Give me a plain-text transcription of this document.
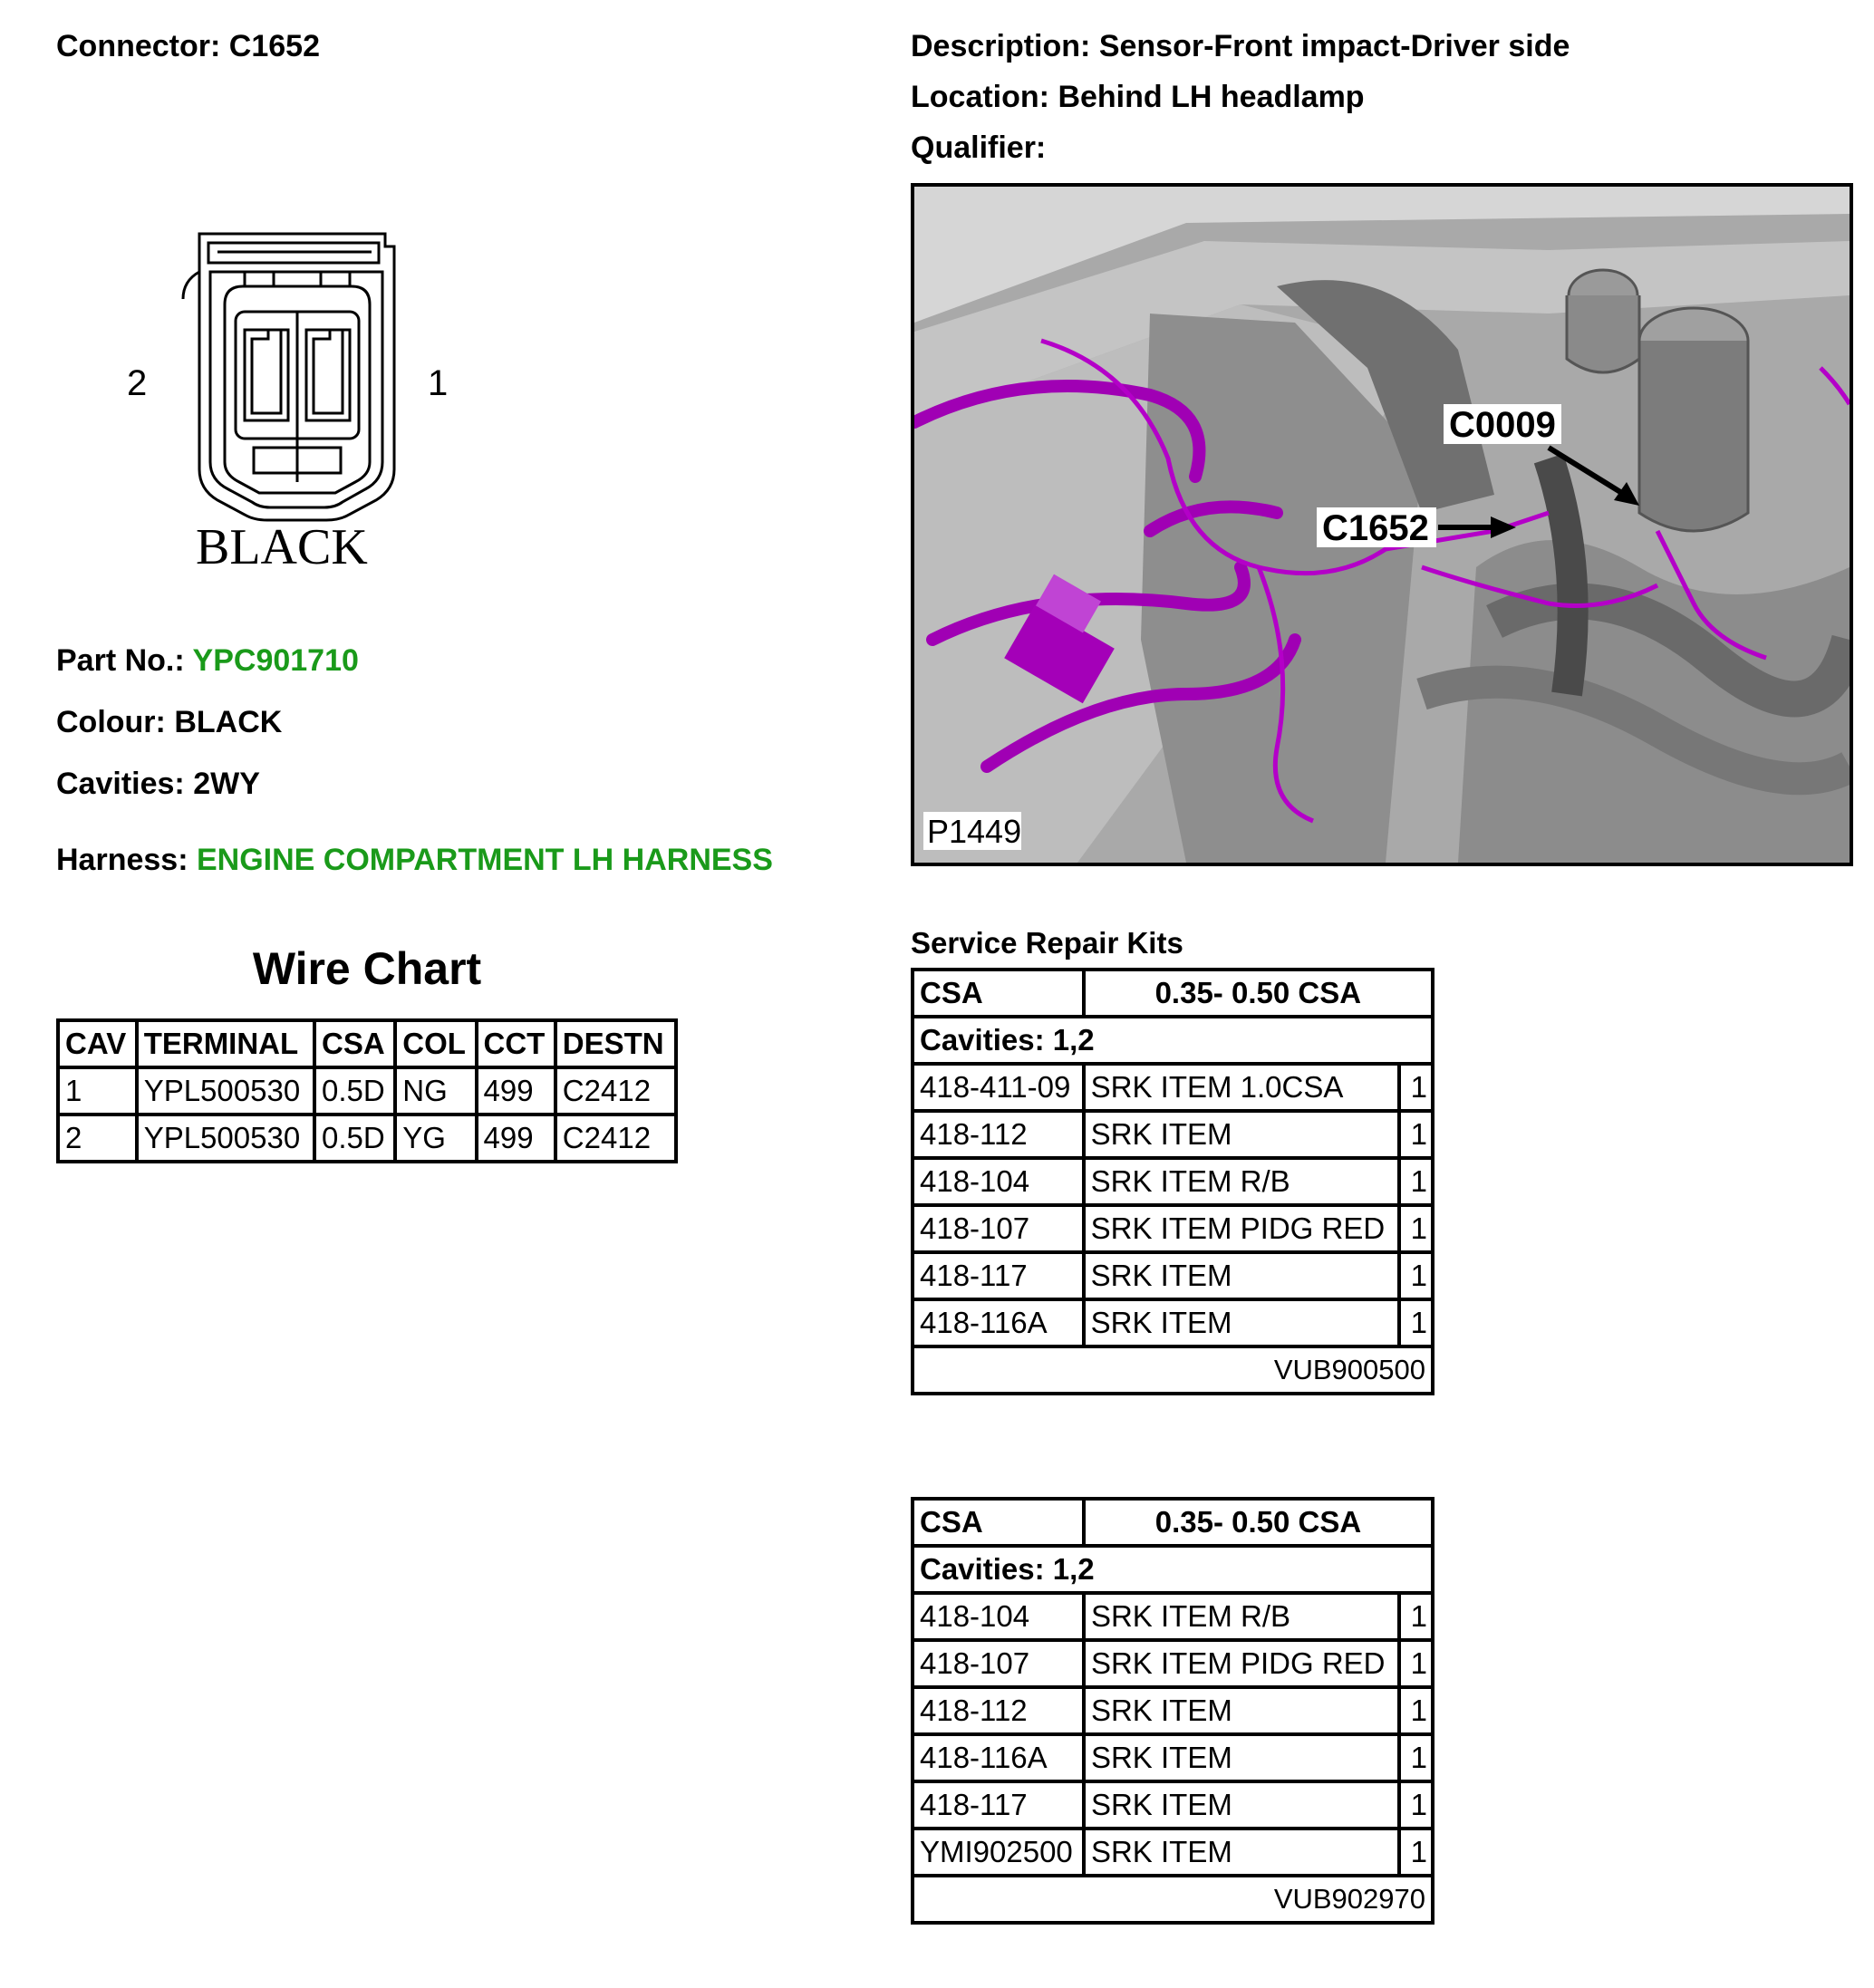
Connector: C1652	Description: Sensor-Front impact-Driver side
Location: Behind LH headlamp
Qualifier:
2	1
BLACK
Part No.: YPC901710
Colour: BLACK
Cavities: 2WY
Harness: ENGINE COMPARTMENT LH HARNESS
Wire Chart
CAV	TERMINAL	CSA	COL	CCT	DESTN
1	YPL500530	0.5D	NG	499	C2412
2	YPL500530	0.5D	YG	499	C2412
C0009
C1652
P1449
Service Repair Kits
CSA	0.35- 0.50 CSA	
Cavities: 1,2		
418-411-09	SRK ITEM 1.0CSA	1
418-112	SRK ITEM	1
418-104	SRK ITEM R/B	1
418-107	SRK ITEM PIDG RED	1
418-117	SRK ITEM	1
418-116A	SRK ITEM	1
VUB900500		
CSA	0.35- 0.50 CSA	
Cavities: 1,2		
418-104	SRK ITEM R/B	1
418-107	SRK ITEM PIDG RED	1
418-112	SRK ITEM	1
418-116A	SRK ITEM	1
418-117	SRK ITEM	1
YMI902500	SRK ITEM	1
VUB902970		
